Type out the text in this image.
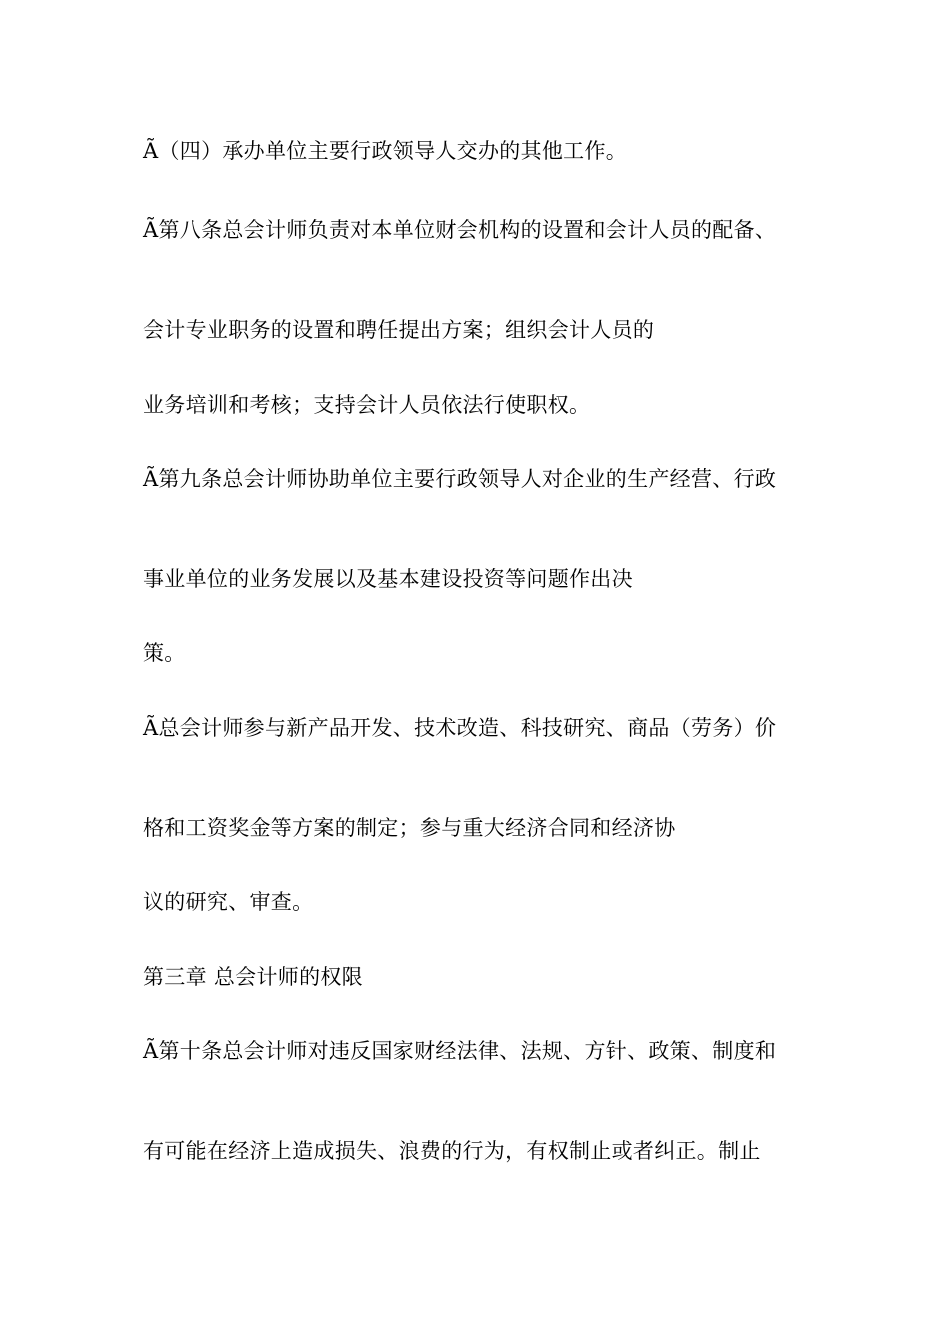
Ã（四）承办单位主要行政领导人交办的其他工作。
Ã第八条总会计师负责对本单位财会机构的设置和会计人员的配备、
会计专业职务的设置和聘任提出方案；组织会计人员的
业务培训和考核；支持会计人员依法行使职权。
Ã第九条总会计师协助单位主要行政领导人对企业的生产经营、行政
事业单位的业务发展以及基本建设投资等问题作出决
策。
Ã总会计师参与新产品开发、技术改造、科技研究、商品（劳务）价
格和工资奖金等方案的制定；参与重大经济合同和经济协
议的研究、审查。
第三章 总会计师的权限
Ã第十条总会计师对违反国家财经法律、法规、方针、政策、制度和
有可能在经济上造成损失、浪费的行为，有权制止或者纠正。制止
